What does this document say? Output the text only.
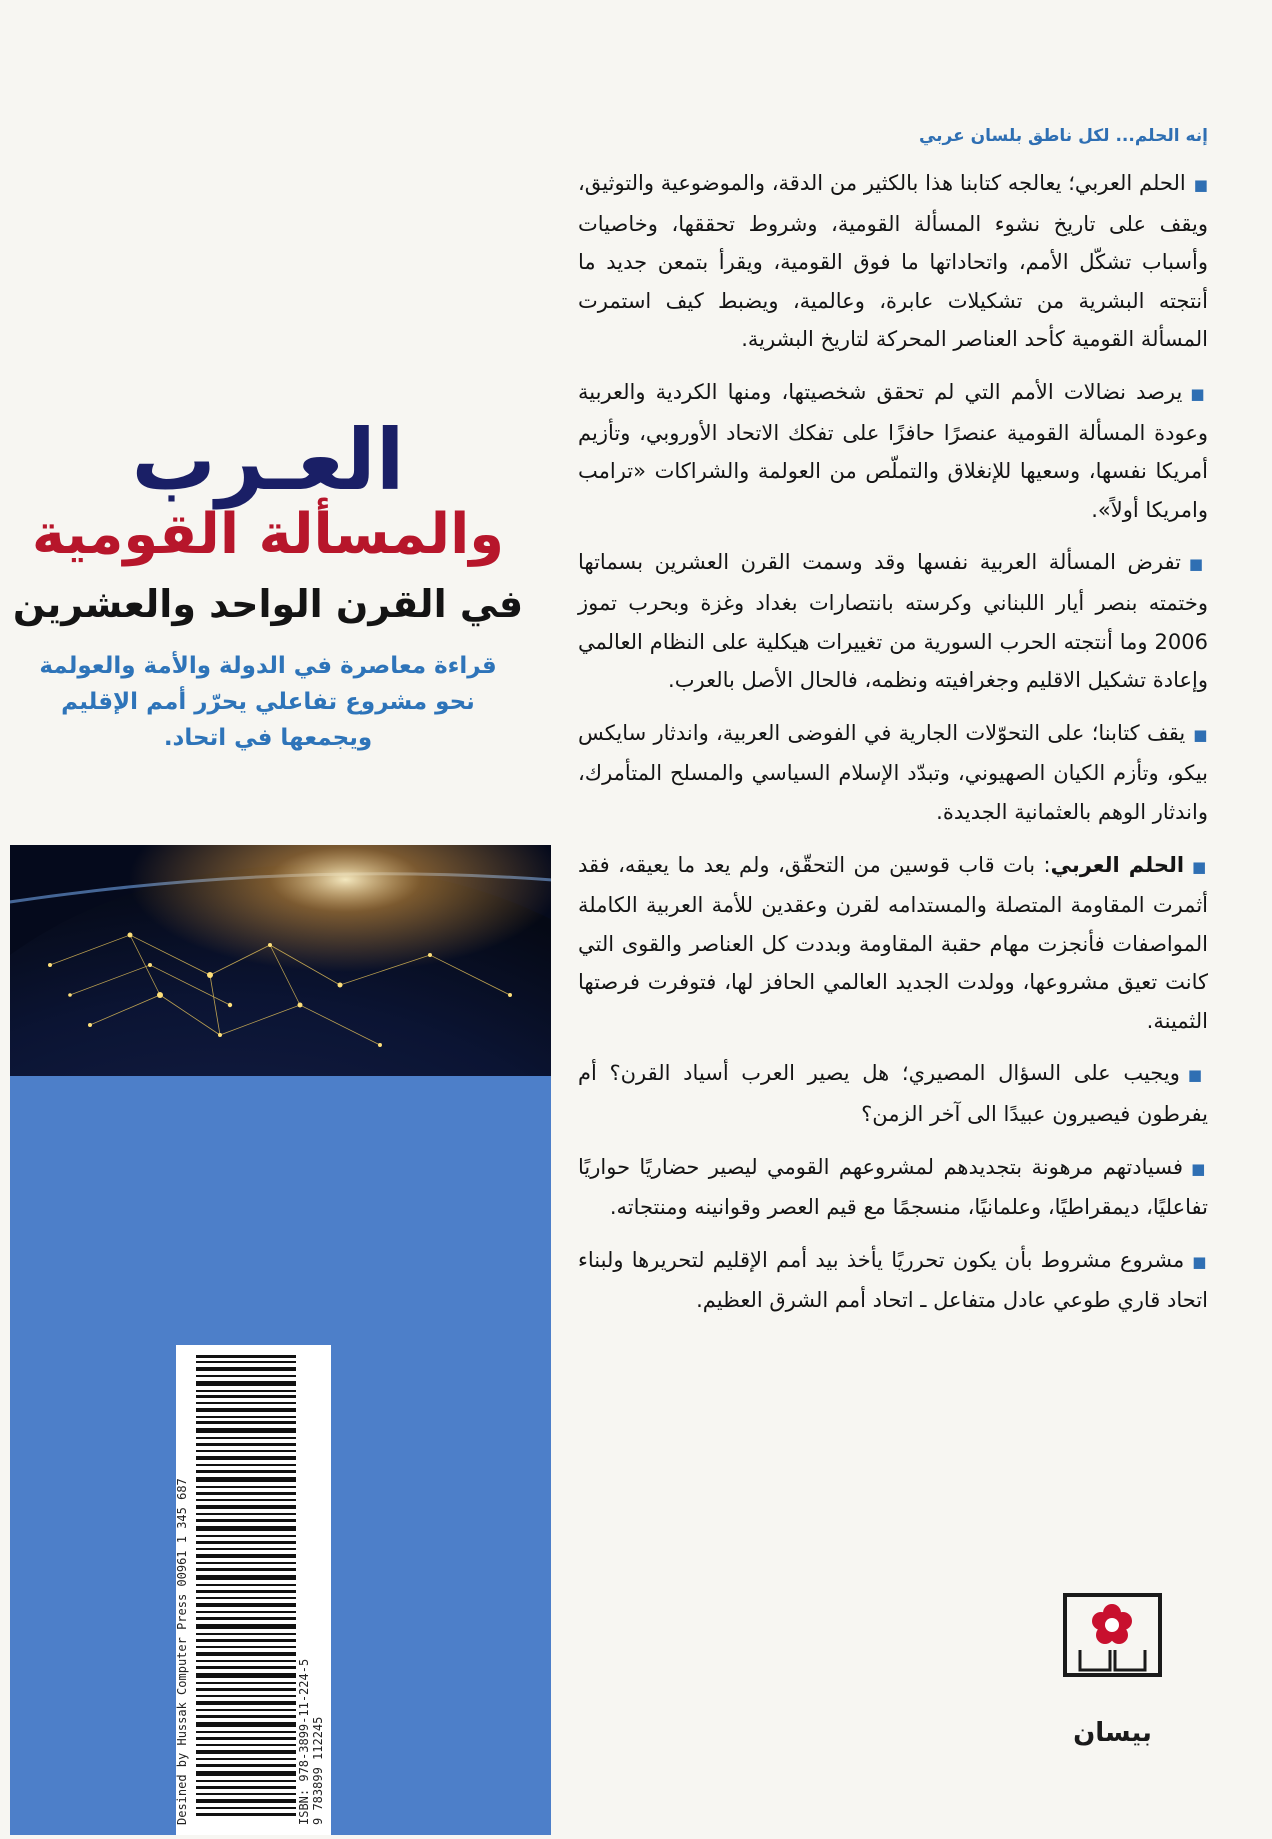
إنه الحلم... لكل ناطق بلسان عربي

■الحلم العربي؛ يعالجه كتابنا هذا بالكثير من الدقة، والموضوعية والتوثيق، ويقف على تاريخ نشوء المسألة القومية، وشروط تحققها، وخاصيات وأسباب تشكّل الأمم، واتحاداتها ما فوق القومية، ويقرأ بتمعن جديد ما أنتجته البشرية من تشكيلات عابرة، وعالمية، ويضبط كيف استمرت المسألة القومية كأحد العناصر المحركة لتاريخ البشرية.

■يرصد نضالات الأمم التي لم تحقق شخصيتها، ومنها الكردية والعربية وعودة المسألة القومية عنصرًا حافزًا على تفكك الاتحاد الأوروبي، وتأزيم أمريكا نفسها، وسعيها للإنغلاق والتملّص من العولمة والشراكات «ترامب وامريكا أولاً».

■تفرض المسألة العربية نفسها وقد وسمت القرن العشرين بسماتها وختمته بنصر أيار اللبناني وكرسته بانتصارات بغداد وغزة وبحرب تموز 2006 وما أنتجته الحرب السورية من تغييرات هيكلية على النظام العالمي وإعادة تشكيل الاقليم وجغرافيته ونظمه، فالحال الأصل بالعرب.

■يقف كتابنا؛ على التحوّلات الجارية في الفوضى العربية، واندثار سايكس بيكو، وتأزم الكيان الصهيوني، وتبدّد الإسلام السياسي والمسلح المتأمرك، واندثار الوهم بالعثمانية الجديدة.

■الحلم العربي: بات قاب قوسين من التحقّق، ولم يعد ما يعيقه، فقد أثمرت المقاومة المتصلة والمستدامه لقرن وعقدين للأمة العربية الكاملة المواصفات فأنجزت مهام حقبة المقاومة وبددت كل العناصر والقوى التي كانت تعيق مشروعها، وولدت الجديد العالمي الحافز لها، فتوفرت فرصتها الثمينة.

■ويجيب على السؤال المصيري؛ هل يصير العرب أسياد القرن؟ أم يفرطون فيصيرون عبيدًا الى آخر الزمن؟

■فسيادتهم مرهونة بتجديدهم لمشروعهم القومي ليصير حضاريًا حواريًا تفاعليًا، ديمقراطيًا، وعلمانيًا، منسجمًا مع قيم العصر وقوانينه ومنتجاته.

■مشروع مشروط بأن يكون تحرريًا يأخذ بيد أمم الإقليم لتحريرها ولبناء اتحاد قاري طوعي عادل متفاعل ـ اتحاد أمم الشرق العظيم.

العـرب

والمسألة القومية

في القرن الواحد والعشرين

قراءة معاصرة في الدولة والأمة والعولمة

نحو مشروع تفاعلي يحرّر أمم الإقليم

ويجمعها في اتحاد.

Desined by Hussak Computer Press 00961 1 345 687	ISBN: 978-3899-11-224-5 9 783899 112245	بيسان
